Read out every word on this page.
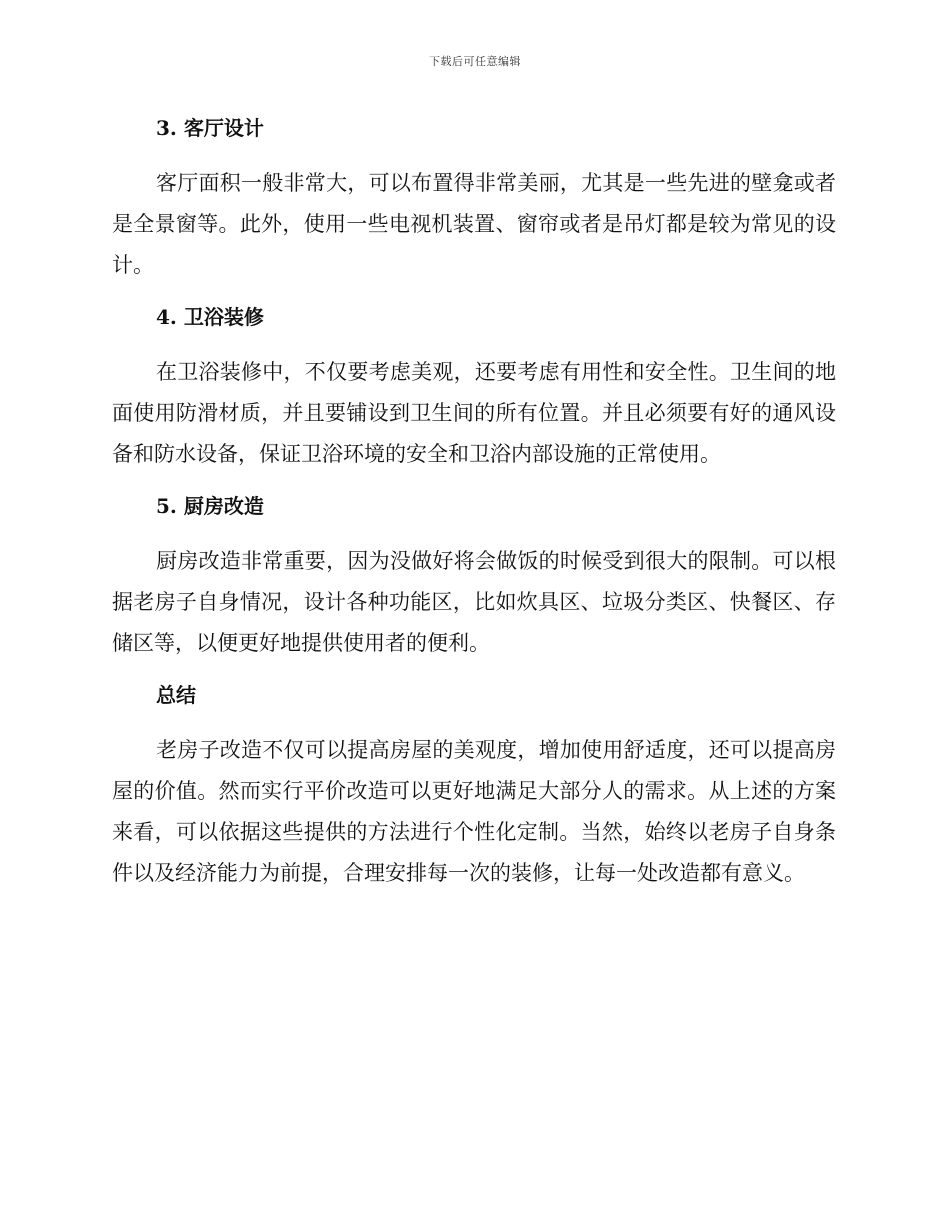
下载后可任意编辑
3. 客厅设计

客厅面积一般非常大，可以布置得非常美丽，尤其是一些先进的壁龛或者是全景窗等。此外，使用一些电视机装置、窗帘或者是吊灯都是较为常见的设计。

4. 卫浴装修

在卫浴装修中，不仅要考虑美观，还要考虑有用性和安全性。卫生间的地面使用防滑材质，并且要铺设到卫生间的所有位置。并且必须要有好的通风设备和防水设备，保证卫浴环境的安全和卫浴内部设施的正常使用。

5. 厨房改造

厨房改造非常重要，因为没做好将会做饭的时候受到很大的限制。可以根据老房子自身情况，设计各种功能区，比如炊具区、垃圾分类区、快餐区、存储区等，以便更好地提供使用者的便利。

总结

老房子改造不仅可以提高房屋的美观度，增加使用舒适度，还可以提高房屋的价值。然而实行平价改造可以更好地满足大部分人的需求。从上述的方案来看，可以依据这些提供的方法进行个性化定制。当然，始终以老房子自身条件以及经济能力为前提，合理安排每一次的装修，让每一处改造都有意义。
